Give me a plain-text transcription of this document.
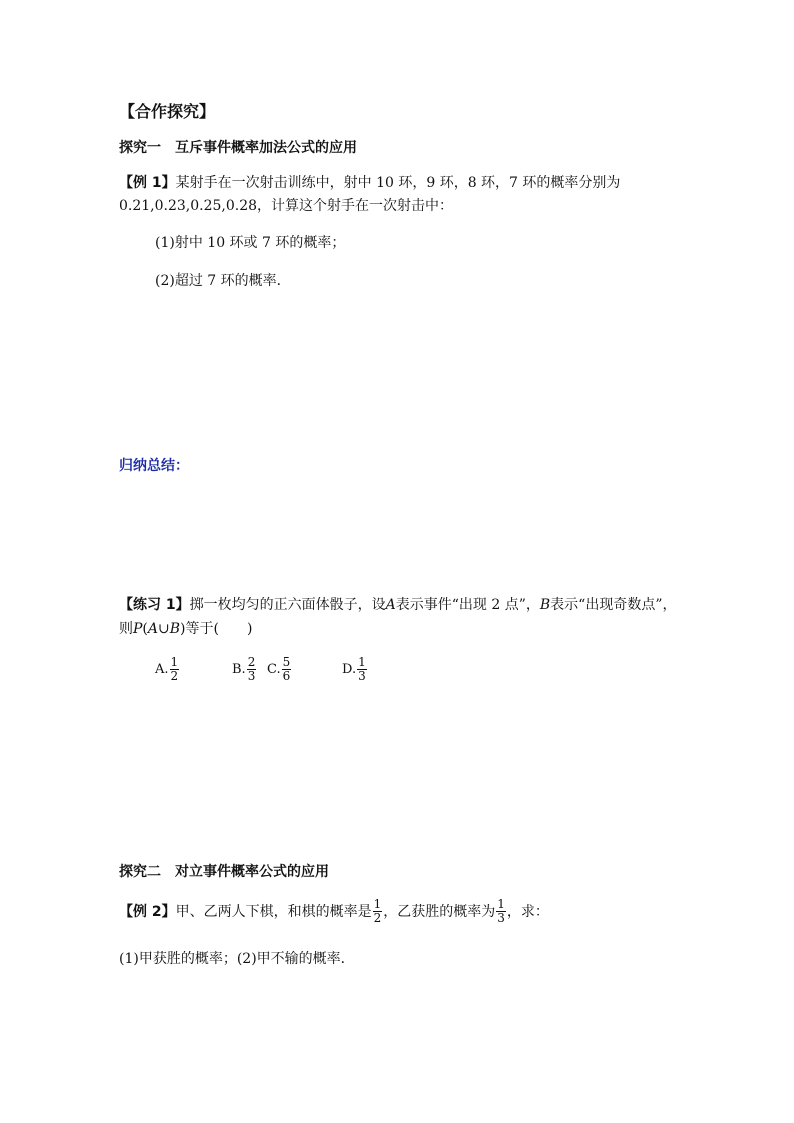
【合作探究】
探究一　互斥事件概率加法公式的应用
【例 1】某射手在一次射击训练中，射中 10 环，9 环，8 环，7 环的概率分别为
0.21,0.23,0.25,0.28，计算这个射手在一次射击中：
(1)射中 10 环或 7 环的概率；
(2)超过 7 环的概率．
归纳总结：
【练习 1】掷一枚均匀的正六面体骰子，设A表示事件“出现 2 点”，B表示“出现奇数点”，
则P(A∪B)等于(　　)
A. $\frac{1}{2}$	B. $\frac{2}{3} C$. $\frac{5}{6}$	D. $\frac{1}{3}$
探究二　对立事件概率公式的应用
【例 2】 甲、乙两人下棋，和棋的概率是 $\frac{1}{2}$ ，乙获胜的概率为 $\frac{1}{3}$ ，求：
(1)甲获胜的概率；(2)甲不输的概率．
